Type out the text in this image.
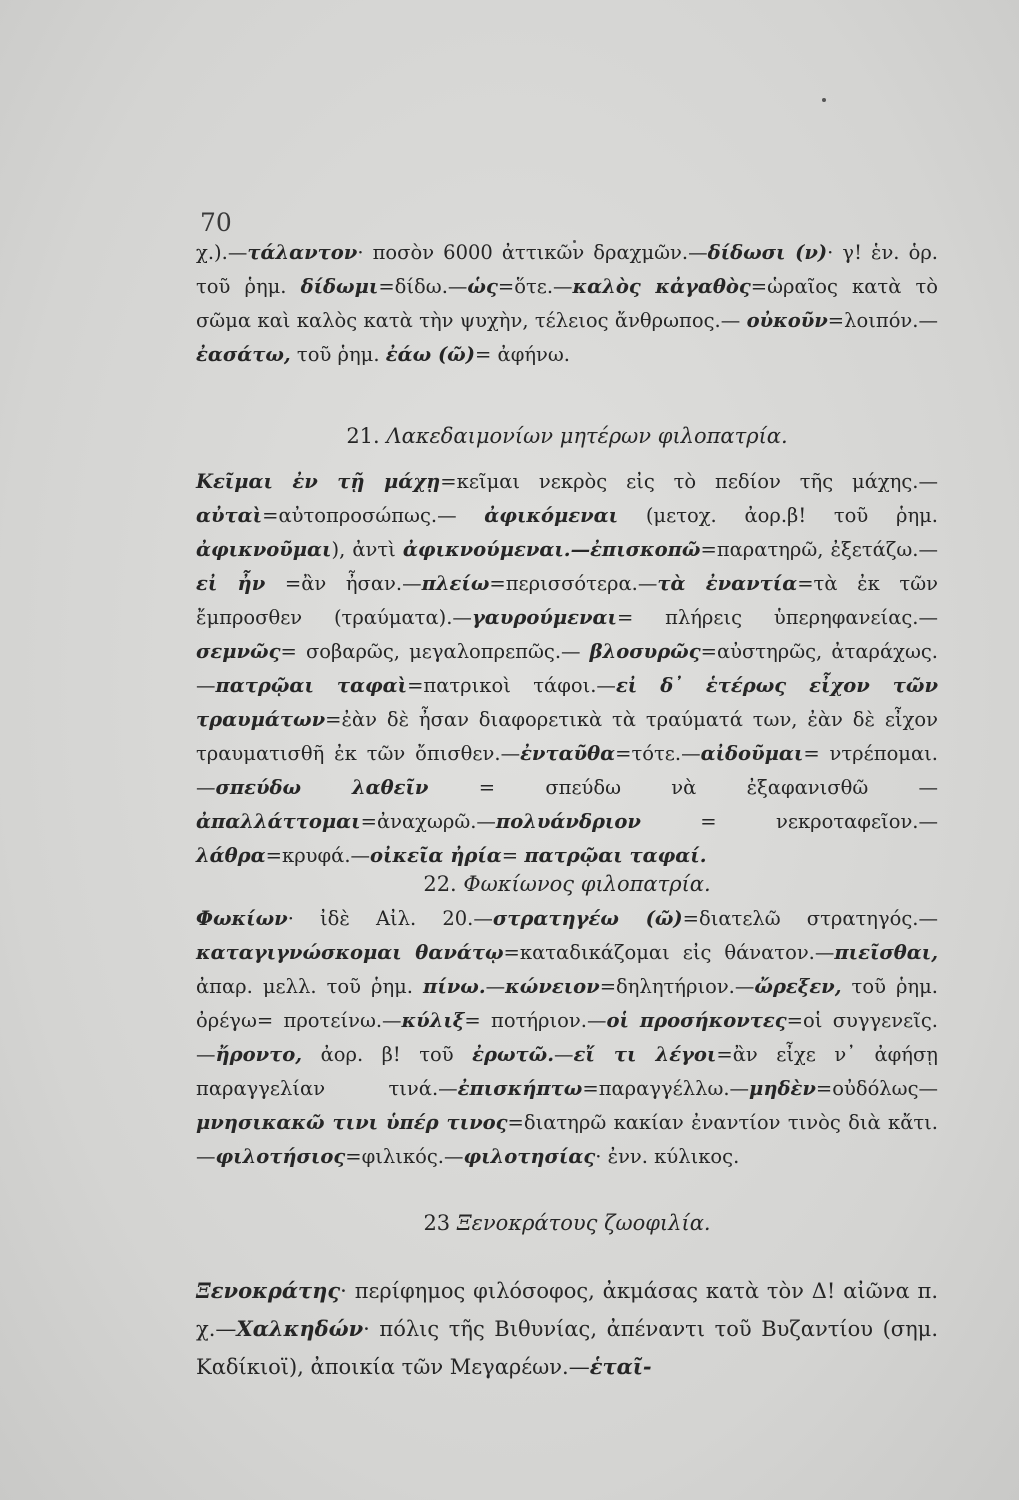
70
χ.).—τάλαντον· ποσὸν 6000 ἀττικῶν δραχμῶν.—δίδωσι (ν)· γ! ἑν. ὁρ. τοῦ ῥημ. δίδωμι=δίδω.—ὡς=ὅτε.—καλὸς κἀγαθὸς=ὡραῖος κατὰ τὸ σῶμα καὶ καλὸς κατὰ τὴν ψυχὴν, τέλειος ἄνθρωπος.— οὐκοῦν=λοιπόν.—ἐασάτω, τοῦ ῥημ. ἐάω (ῶ)= ἀφήνω.
21. Λακεδαιμονίων μητέρων φιλοπατρία.
Κεῖμαι ἐν τῇ μάχῃ=κεῖμαι νεκρὸς εἰς τὸ πεδίον τῆς μάχης.—αὐταὶ=αὐτοπροσώπως.— ἀφικόμεναι (μετοχ. ἀορ.β! τοῦ ῥημ. ἀφικνοῦμαι), ἀντὶ ἀφικνούμεναι.—ἐπισκοπῶ=παρατηρῶ, ἐξετάζω.—εἰ ἦν =ἂν ἦσαν.—πλείω=περισσότερα.—τὰ ἐναντία=τὰ ἐκ τῶν ἔμπροσθεν (τραύματα).—γαυρούμεναι= πλήρεις ὑπερηφανείας.—σεμνῶς= σοβαρῶς, μεγαλοπρεπῶς.— βλοσυρῶς=αὐστηρῶς, ἀταράχως.—πατρῷαι ταφαὶ=πατρικοὶ τάφοι.—εἰ δ᾽ ἑτέρως εἶχον τῶν τραυμάτων=ἐὰν δὲ ἦσαν διαφορετικὰ τὰ τραύματά των, ἐὰν δὲ εἶχον τραυματισθῆ ἐκ τῶν ὄπισθεν.—ἐνταῦθα=τότε.—αἰδοῦμαι= ντρέπομαι.—σπεύδω λαθεῖν = σπεύδω νὰ ἐξαφανισθῶ —ἀπαλλάττομαι=ἀναχωρῶ.—πολυάνδριον = νεκροταφεῖον.—λάθρα=κρυφά.—οἰκεῖα ἠρία= πατρῷαι ταφαί.
22. Φωκίωνος φιλοπατρία.
Φωκίων· ἰδὲ Αἰλ. 20.—στρατηγέω (ῶ)=διατελῶ στρατηγός.—καταγιγνώσκομαι θανάτῳ=καταδικάζομαι εἰς θάνατον.—πιεῖσθαι, ἀπαρ. μελλ. τοῦ ῥημ. πίνω.—κώνειον=δηλητήριον.—ὤρεξεν, τοῦ ῥημ. ὀρέγω= προτείνω.—κύλιξ= ποτήριον.—οἱ προσήκοντες=οἱ συγγενεῖς.—ἤροντο, ἀορ. β! τοῦ ἐρωτῶ.—εἴ τι λέγοι=ἂν εἶχε ν᾽ ἀφήσῃ παραγγελίαν τινά.—ἐπισκήπτω=παραγγέλλω.—μηδὲν=οὐδόλως—μνησικακῶ τινι ὑπέρ τινος=διατηρῶ κακίαν ἐναντίον τινὸς διὰ κἄτι.—φιλοτήσιος=φιλικός.—φιλοτησίας· ἐνν. κύλικος.
23 Ξενοκράτους ζωοφιλία.
Ξενοκράτης· περίφημος φιλόσοφος, ἀκμάσας κατὰ τὸν Δ! αἰῶνα π. χ.—Χαλκηδών· πόλις τῆς Βιθυνίας, ἀπέναντι τοῦ Βυζαντίου (σημ. Καδίκιοϊ), ἀποικία τῶν Μεγαρέων.—ἑταῖ-
